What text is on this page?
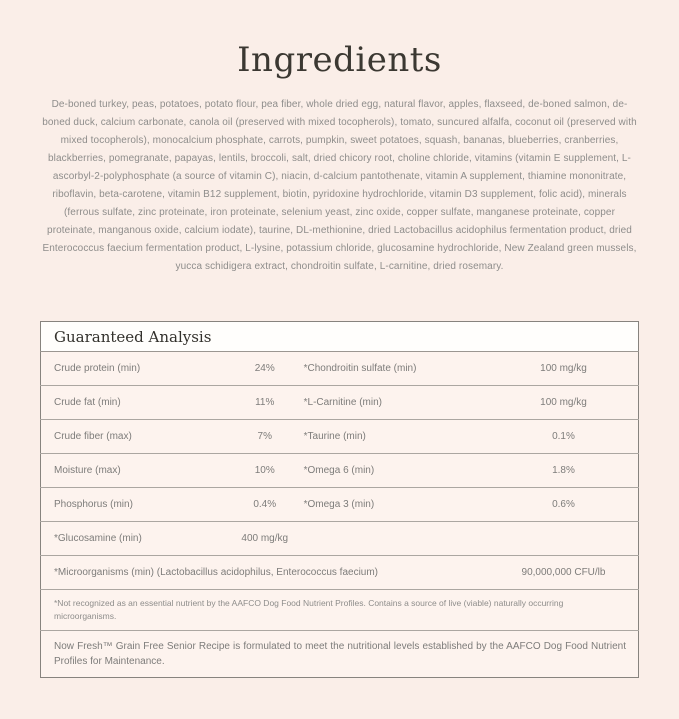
Ingredients

De-boned turkey, peas, potatoes, potato flour, pea fiber, whole dried egg, natural flavor, apples, flaxseed, de-boned salmon, de-boned duck, calcium carbonate, canola oil (preserved with mixed tocopherols), tomato, suncured alfalfa, coconut oil (preserved with mixed tocopherols), monocalcium phosphate, carrots, pumpkin, sweet potatoes, squash, bananas, blueberries, cranberries, blackberries, pomegranate, papayas, lentils, broccoli, salt, dried chicory root, choline chloride, vitamins (vitamin E supplement, L-ascorbyl-2-polyphosphate (a source of vitamin C), niacin, d-calcium pantothenate, vitamin A supplement, thiamine mononitrate, riboflavin, beta-carotene, vitamin B12 supplement, biotin, pyridoxine hydrochloride, vitamin D3 supplement, folic acid), minerals (ferrous sulfate, zinc proteinate, iron proteinate, selenium yeast, zinc oxide, copper sulfate, manganese proteinate, copper proteinate, manganous oxide, calcium iodate), taurine, DL-methionine, dried Lactobacillus acidophilus fermentation product, dried Enterococcus faecium fermentation product, L-lysine, potassium chloride, glucosamine hydrochloride, New Zealand green mussels, yucca schidigera extract, chondroitin sulfate, L-carnitine, dried rosemary.

Guaranteed Analysis			
Crude protein (min)	24%	*Chondroitin sulfate (min)	100 mg/kg
Crude fat (min)	11%	*L-Carnitine (min)	100 mg/kg
Crude fiber (max)	7%	*Taurine (min)	0.1%
Moisture (max)	10%	*Omega 6 (min)	1.8%
Phosphorus (min)	0.4%	*Omega 3 (min)	0.6%
*Glucosamine (min)	400 mg/kg		
*Microorganisms (min) (Lactobacillus acidophilus, Enterococcus faecium)			90,000,000 CFU/lb
*Not recognized as an essential nutrient by the AAFCO Dog Food Nutrient Profiles. Contains a source of live (viable) naturally occurring microorganisms.			
Now Fresh™ Grain Free Senior Recipe is formulated to meet the nutritional levels established by the AAFCO Dog Food Nutrient Profiles for Maintenance.			
